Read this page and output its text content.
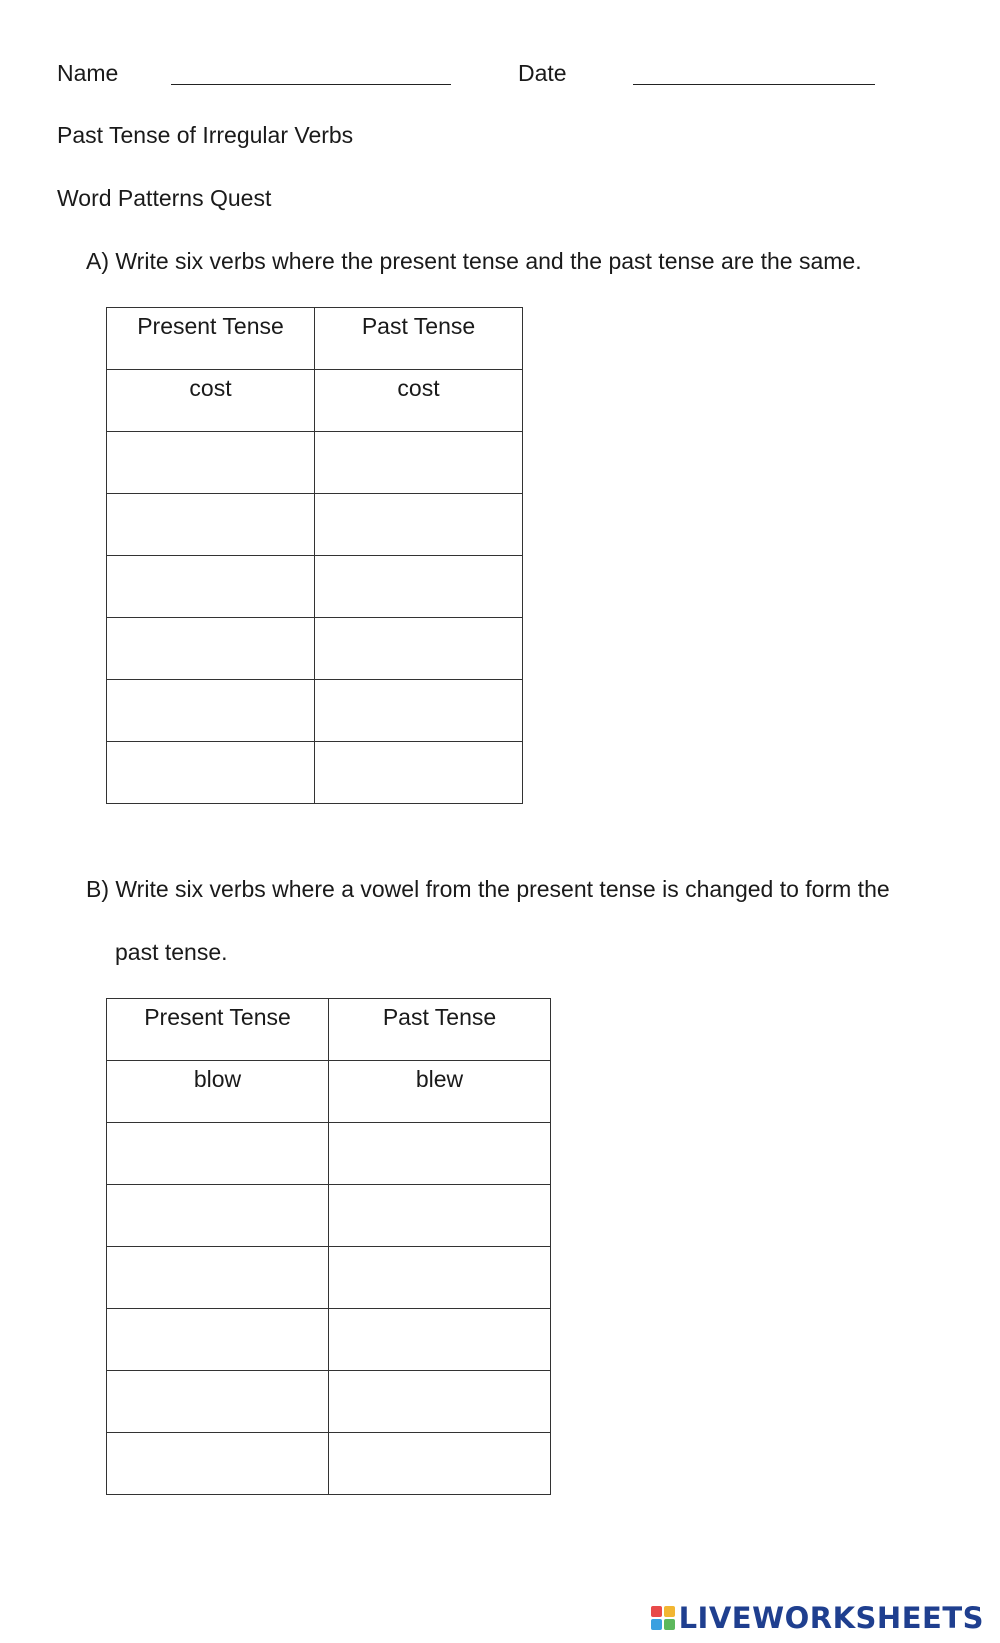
Name	Date
Past Tense of Irregular Verbs
Word Patterns Quest
A) Write six verbs where the present tense and the past tense are the same.
Present Tense	Past Tense
cost	cost

B) Write six verbs where a vowel from the present tense is changed to form the
past tense.
Present Tense	Past Tense
blow	blew

LIVEWORKSHEETS
